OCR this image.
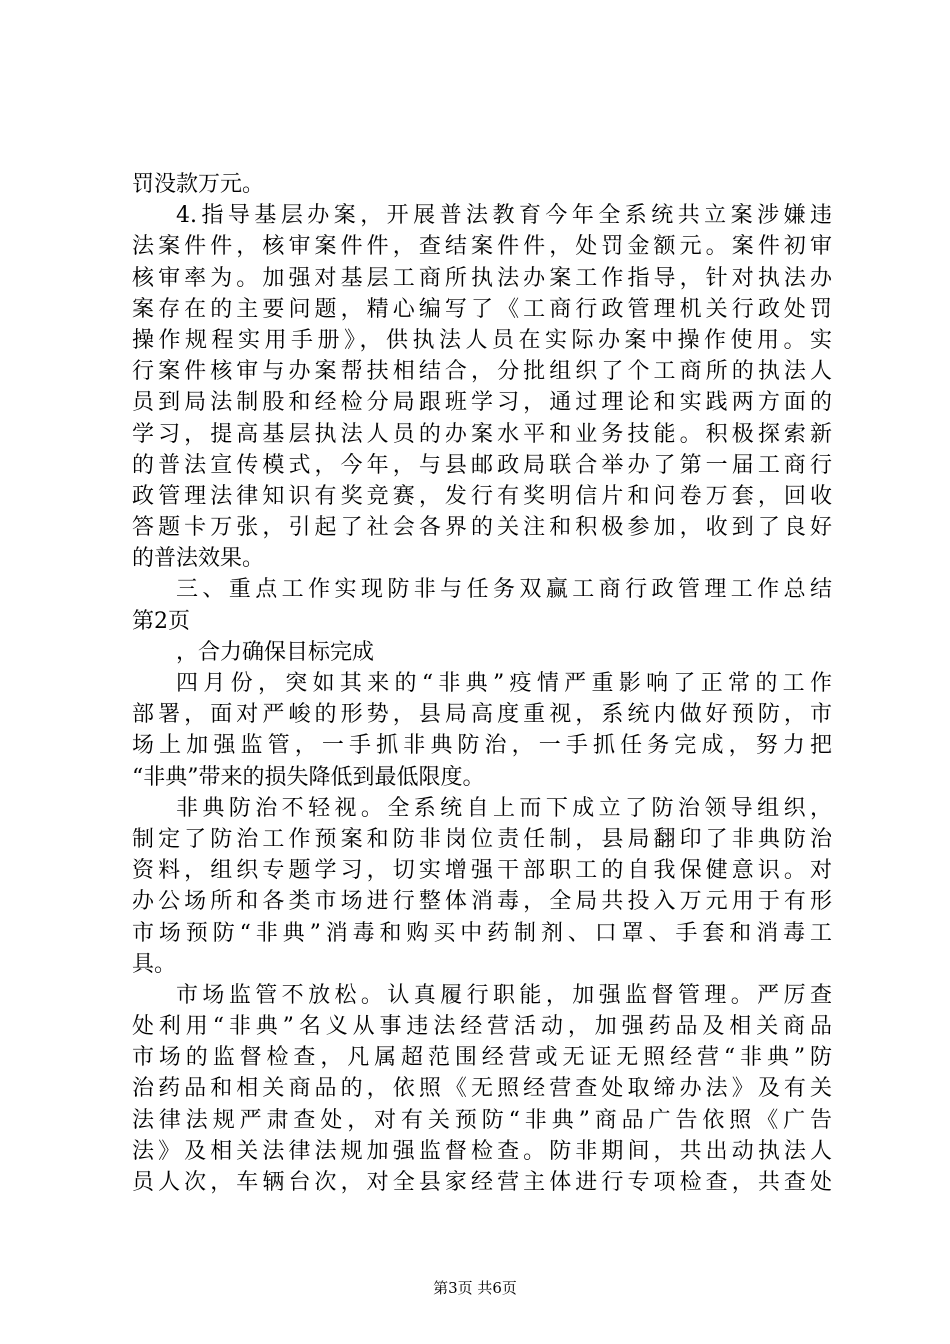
罚没款万元。
4.指导基层办案，开展普法教育今年全系统共立案涉嫌违
法案件件，核审案件件，查结案件件，处罚金额元。案件初审
核审率为。加强对基层工商所执法办案工作指导，针对执法办
案存在的主要问题，精心编写了《工商行政管理机关行政处罚
操作规程实用手册》，供执法人员在实际办案中操作使用。实
行案件核审与办案帮扶相结合，分批组织了个工商所的执法人
员到局法制股和经检分局跟班学习，通过理论和实践两方面的
学习，提高基层执法人员的办案水平和业务技能。积极探索新
的普法宣传模式，今年，与县邮政局联合举办了第一届工商行
政管理法律知识有奖竞赛，发行有奖明信片和问卷万套，回收
答题卡万张，引起了社会各界的关注和积极参加，收到了良好
的普法效果。
三、重点工作实现防非与任务双赢工商行政管理工作总结
第2页
，合力确保目标完成
四月份，突如其来的“非典”疫情严重影响了正常的工作
部署，面对严峻的形势，县局高度重视，系统内做好预防，市
场上加强监管，一手抓非典防治，一手抓任务完成，努力把
“非典”带来的损失降低到最低限度。
非典防治不轻视。全系统自上而下成立了防治领导组织，
制定了防治工作预案和防非岗位责任制，县局翻印了非典防治
资料，组织专题学习，切实增强干部职工的自我保健意识。对
办公场所和各类市场进行整体消毒，全局共投入万元用于有形
市场预防“非典”消毒和购买中药制剂、口罩、手套和消毒工
具。
市场监管不放松。认真履行职能，加强监督管理。严厉查
处利用“非典”名义从事违法经营活动，加强药品及相关商品
市场的监督检查，凡属超范围经营或无证无照经营“非典”防
治药品和相关商品的，依照《无照经营查处取缔办法》及有关
法律法规严肃查处，对有关预防“非典”商品广告依照《广告
法》及相关法律法规加强监督检查。防非期间，共出动执法人
员人次，车辆台次，对全县家经营主体进行专项检查，共查处
第3页 共6页
